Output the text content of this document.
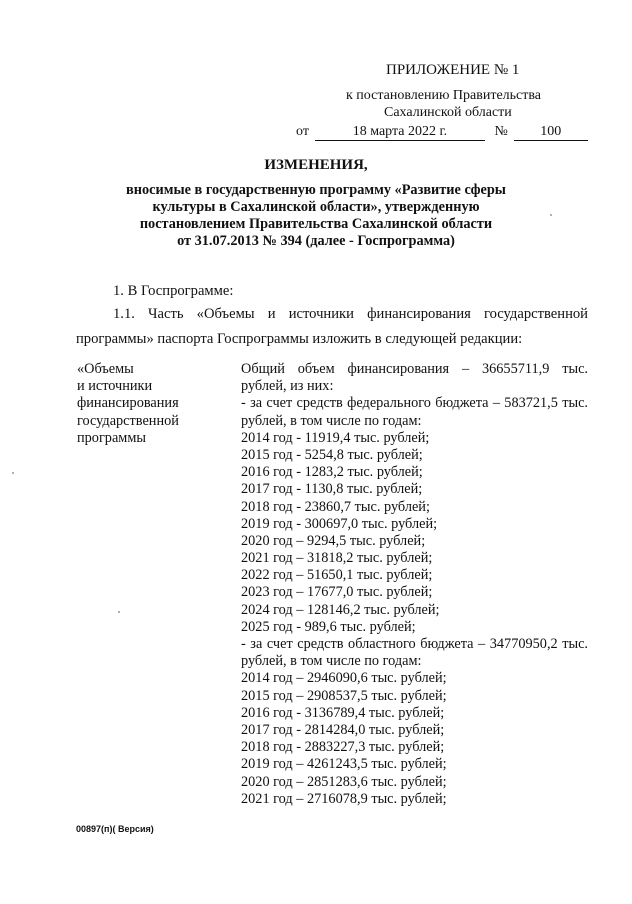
ПРИЛОЖЕНИЕ № 1
к постановлению Правительства
Сахалинской области
от	18 марта 2022 г.	№ 100
ИЗМЕНЕНИЯ,
вносимые в государственную программу «Развитие сферы
культуры в Сахалинской области», утвержденную
постановлением Правительства Сахалинской области
от 31.07.2013 № 394 (далее - Госпрограмма)
1. В Госпрограмме:
1.1. Часть «Объемы и источники финансирования государственной
программы» паспорта Госпрограммы изложить в следующей редакции:
«Объемы
и источники
финансирования
государственной
программы
Общий объем финансирования – 36655711,9 тыс.
рублей, из них:
- за счет средств федерального бюджета – 583721,5 тыс.
рублей, в том числе по годам:
2014 год - 11919,4 тыс. рублей;
2015 год - 5254,8 тыс. рублей;
2016 год - 1283,2 тыс. рублей;
2017 год - 1130,8 тыс. рублей;
2018 год - 23860,7 тыс. рублей;
2019 год - 300697,0 тыс. рублей;
2020 год – 9294,5 тыс. рублей;
2021 год – 31818,2 тыс. рублей;
2022 год – 51650,1 тыс. рублей;
2023 год – 17677,0 тыс. рублей;
2024 год – 128146,2 тыс. рублей;
2025 год - 989,6 тыс. рублей;
- за счет средств областного бюджета – 34770950,2 тыс.
рублей, в том числе по годам:
2014 год – 2946090,6 тыс. рублей;
2015 год – 2908537,5 тыс. рублей;
2016 год - 3136789,4 тыс. рублей;
2017 год - 2814284,0 тыс. рублей;
2018 год - 2883227,3 тыс. рублей;
2019 год – 4261243,5 тыс. рублей;
2020 год – 2851283,6 тыс. рублей;
2021 год – 2716078,9 тыс. рублей;
00897(п)( Версия)
